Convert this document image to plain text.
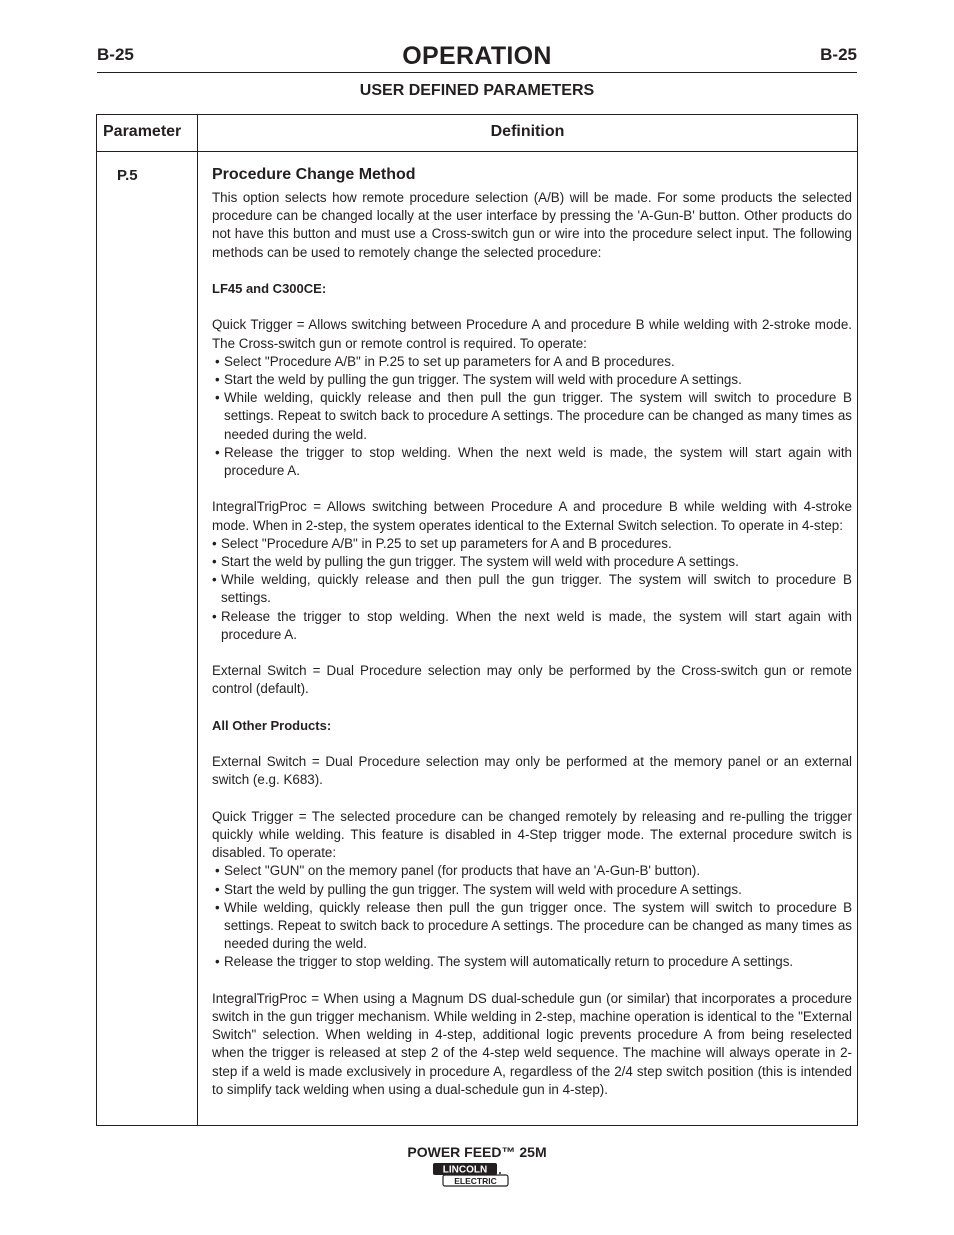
B-25	OPERATION	B-25
USER DEFINED PARAMETERS
Parameter	Definition
P.5	Procedure Change Method

This option selects how remote procedure selection (A/B) will be made. For some products the selected procedure can be changed locally at the user interface by pressing the 'A-Gun-B' button. Other products do not have this button and must use a Cross-switch gun or wire into the procedure select input. The following methods can be used to remotely change the selected procedure:

LF45 and C300CE:

Quick Trigger = Allows switching between Procedure A and procedure B while welding with 2-stroke mode. The Cross-switch gun or remote control is required. To operate:

• Select "Procedure A/B" in P.25 to set up parameters for A and B procedures.
• Start the weld by pulling the gun trigger. The system will weld with procedure A settings.
• While welding, quickly release and then pull the gun trigger. The system will switch to procedure B settings. Repeat to switch back to procedure A settings. The procedure can be changed as many times as needed during the weld.
• Release the trigger to stop welding. When the next weld is made, the system will start again with procedure A.

IntegralTrigProc = Allows switching between Procedure A and procedure B while welding with 4-stroke mode. When in 2-step, the system operates identical to the External Switch selection. To operate in 4-step:

• Select "Procedure A/B" in P.25 to set up parameters for A and B procedures.
• Start the weld by pulling the gun trigger. The system will weld with procedure A settings.
• While welding, quickly release and then pull the gun trigger. The system will switch to procedure B settings.
• Release the trigger to stop welding. When the next weld is made, the system will start again with procedure A.

External Switch = Dual Procedure selection may only be performed by the Cross-switch gun or remote control (default).

All Other Products:

External Switch = Dual Procedure selection may only be performed at the memory panel or an external switch (e.g. K683).

Quick Trigger = The selected procedure can be changed remotely by releasing and re-pulling the trigger quickly while welding. This feature is disabled in 4-Step trigger mode. The external procedure switch is disabled. To operate:

• Select "GUN" on the memory panel (for products that have an 'A-Gun-B' button).
• Start the weld by pulling the gun trigger. The system will weld with procedure A settings.
• While welding, quickly release then pull the gun trigger once. The system will switch to procedure B settings. Repeat to switch back to procedure A settings. The procedure can be changed as many times as needed during the weld.
• Release the trigger to stop welding. The system will automatically return to procedure A settings.

IntegralTrigProc = When using a Magnum DS dual-schedule gun (or similar) that incorporates a procedure switch in the gun trigger mechanism. While welding in 2-step, machine operation is identical to the "External Switch" selection. When welding in 4-step, additional logic prevents procedure A from being reselected when the trigger is released at step 2 of the 4-step weld sequence. The machine will always operate in 2-step if a weld is made exclusively in procedure A, regardless of the 2/4 step switch position (this is intended to simplify tack welding when using a dual-schedule gun in 4-step).

POWER FEED™ 25M
LINCOLN
ELECTRIC
